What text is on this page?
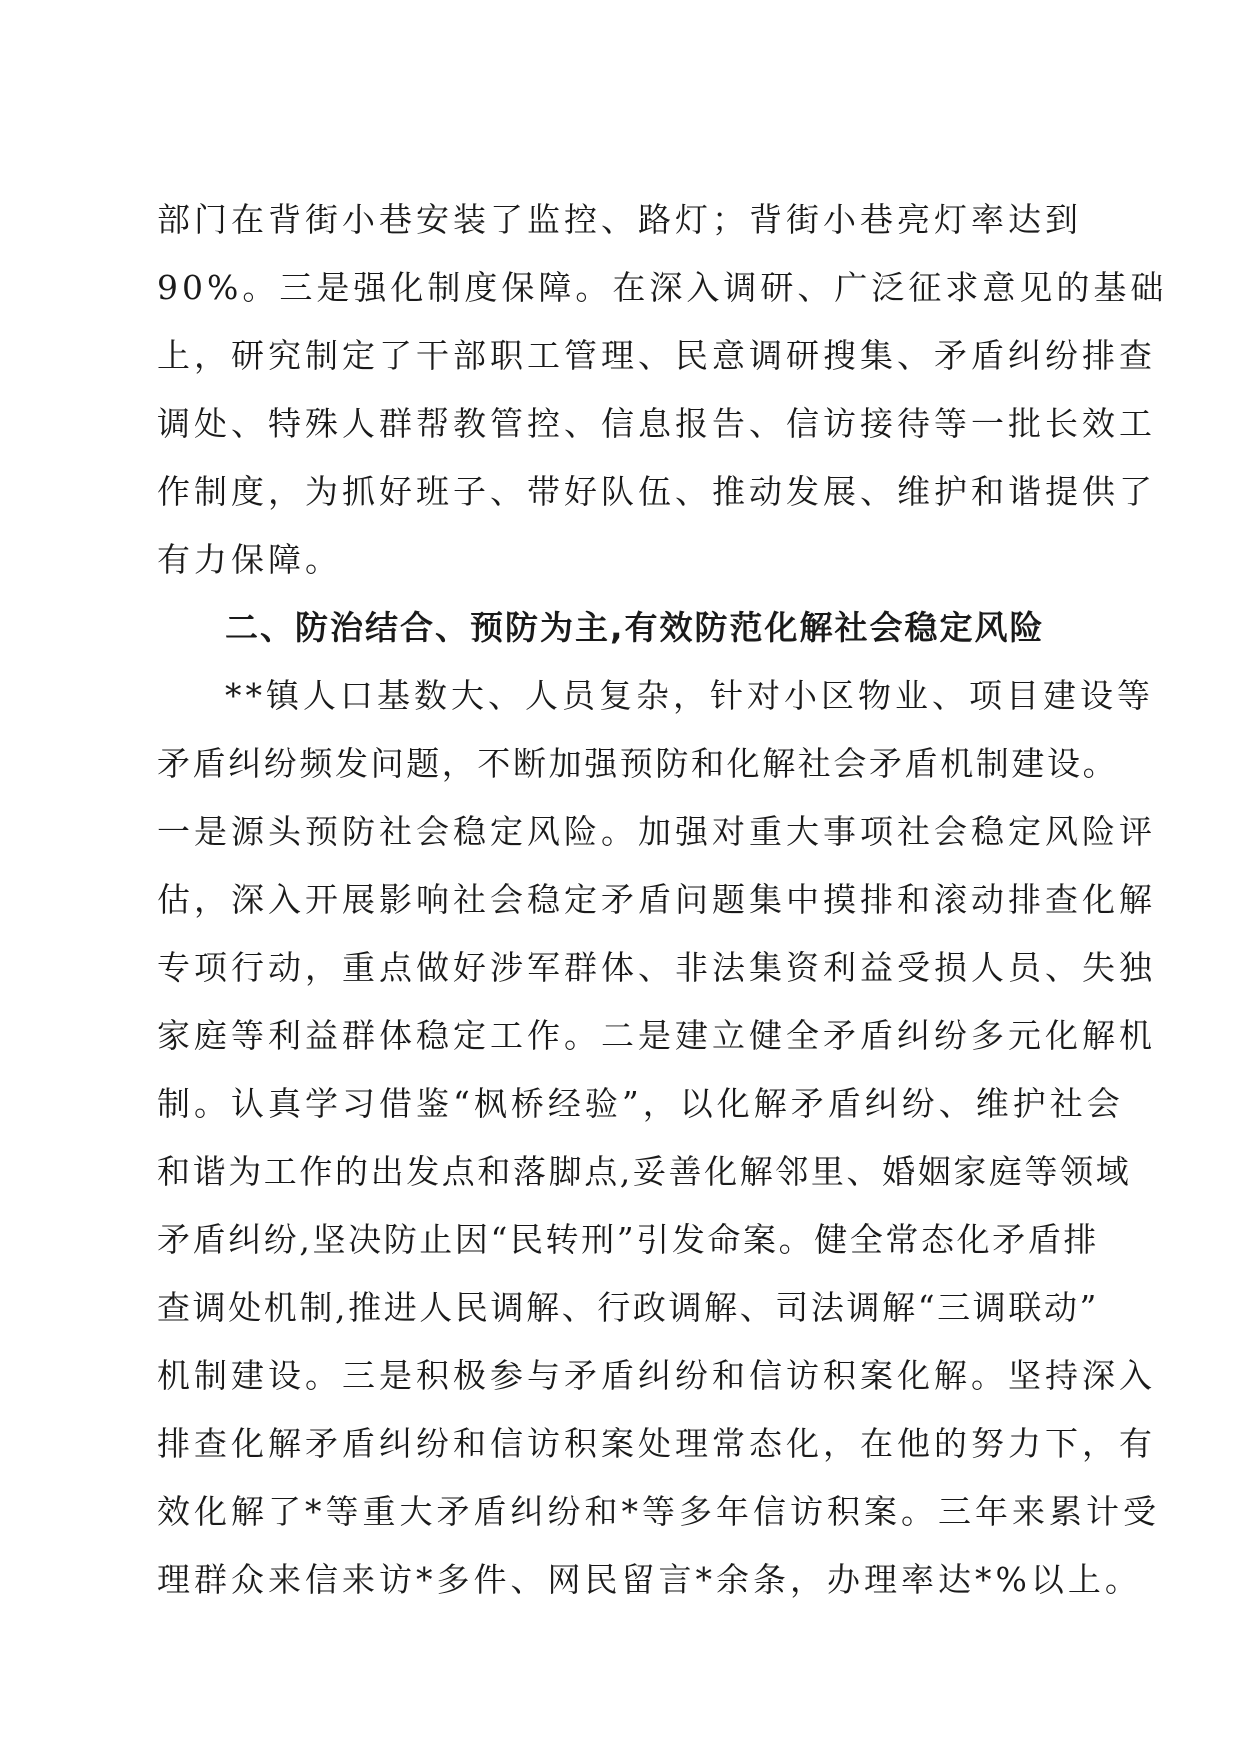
部门在背街小巷安装了监控、路灯；背街小巷亮灯率达到
90%。三是强化制度保障。在深入调研、广泛征求意见的基础
上，研究制定了干部职工管理、民意调研搜集、矛盾纠纷排查
调处、特殊人群帮教管控、信息报告、信访接待等一批长效工
作制度，为抓好班子、带好队伍、推动发展、维护和谐提供了
有力保障。
二、防治结合、预防为主,有效防范化解社会稳定风险
**镇人口基数大、人员复杂，针对小区物业、项目建设等
矛盾纠纷频发问题，不断加强预防和化解社会矛盾机制建设。
一是源头预防社会稳定风险。加强对重大事项社会稳定风险评
估，深入开展影响社会稳定矛盾问题集中摸排和滚动排查化解
专项行动，重点做好涉军群体、非法集资利益受损人员、失独
家庭等利益群体稳定工作。二是建立健全矛盾纠纷多元化解机
制。认真学习借鉴“枫桥经验”，以化解矛盾纠纷、维护社会
和谐为工作的出发点和落脚点,妥善化解邻里、婚姻家庭等领域
矛盾纠纷,坚决防止因“民转刑”引发命案。健全常态化矛盾排
查调处机制,推进人民调解、行政调解、司法调解“三调联动”
机制建设。三是积极参与矛盾纠纷和信访积案化解。坚持深入
排查化解矛盾纠纷和信访积案处理常态化，在他的努力下，有
效化解了*等重大矛盾纠纷和*等多年信访积案。三年来累计受
理群众来信来访*多件、网民留言*余条，办理率达*%以上。
